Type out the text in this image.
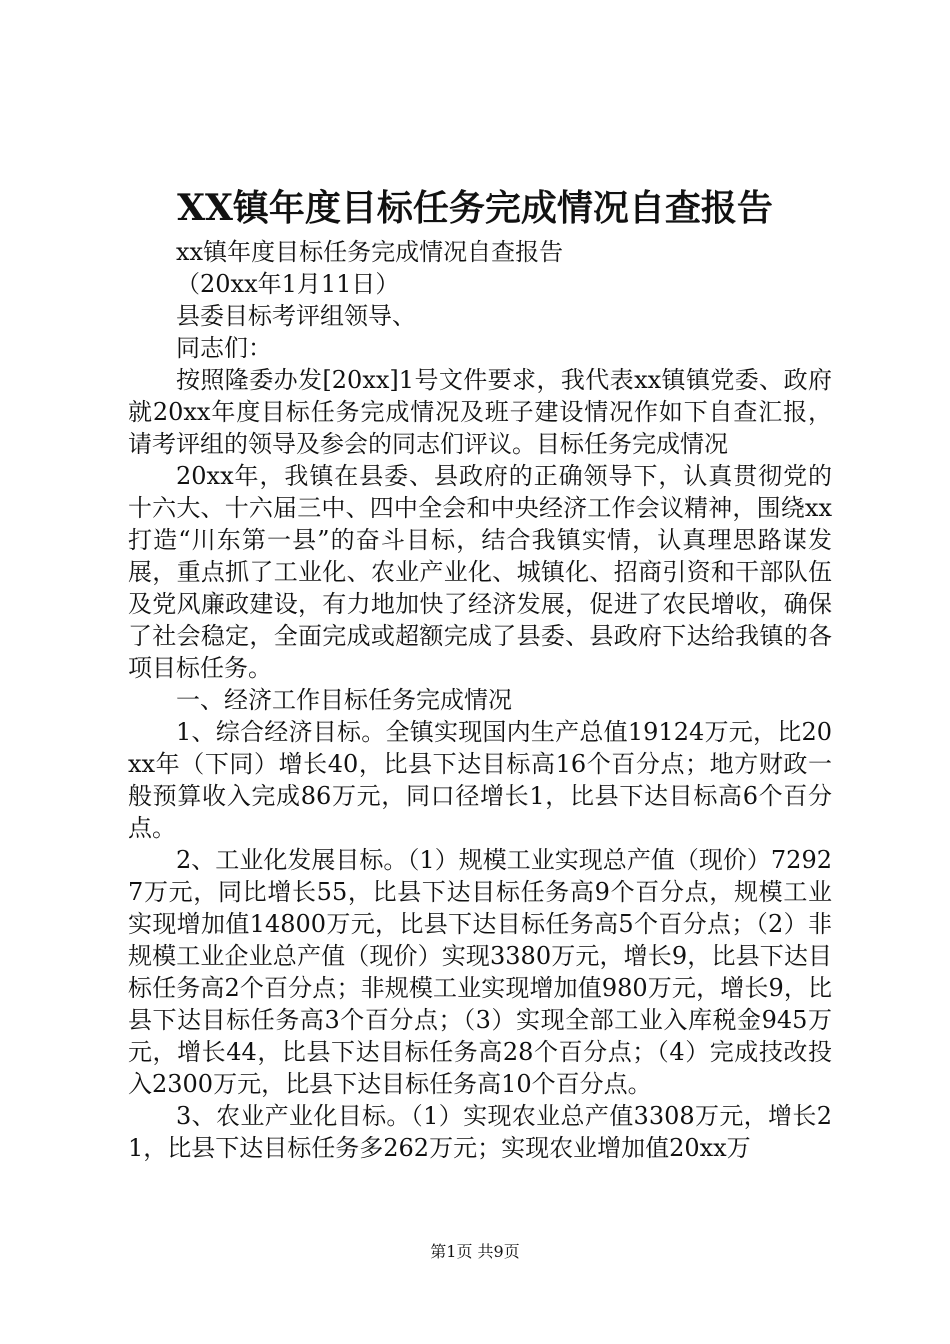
XX镇年度目标任务完成情况自查报告

xx镇年度目标任务完成情况自查报告

（20xx年1月11日）

县委目标考评组领导、

同志们：

按照隆委办发[20xx]1号文件要求，我代表xx镇镇党委、政府就20xx年度目标任务完成情况及班子建设情况作如下自查汇报，请考评组的领导及参会的同志们评议。目标任务完成情况

20xx年，我镇在县委、县政府的正确领导下，认真贯彻党的十六大、十六届三中、四中全会和中央经济工作会议精神，围绕xx打造“川东第一县”的奋斗目标，结合我镇实情，认真理思路谋发展，重点抓了工业化、农业产业化、城镇化、招商引资和干部队伍及党风廉政建设，有力地加快了经济发展，促进了农民增收，确保了社会稳定，全面完成或超额完成了县委、县政府下达给我镇的各项目标任务。

一、经济工作目标任务完成情况

1、综合经济目标。全镇实现国内生产总值19124万元，比20xx年（下同）增长40，比县下达目标高16个百分点；地方财政一般预算收入完成86万元，同口径增长1，比县下达目标高6个百分点。

2、工业化发展目标。（1）规模工业实现总产值（现价）72927万元，同比增长55，比县下达目标任务高9个百分点，规模工业实现增加值14800万元，比县下达目标任务高5个百分点；（2）非规模工业企业总产值（现价）实现3380万元，增长9，比县下达目标任务高2个百分点；非规模工业实现增加值980万元，增长9，比县下达目标任务高3个百分点；（3）实现全部工业入库税金945万元，增长44，比县下达目标任务高28个百分点；（4）完成技改投入2300万元，比县下达目标任务高10个百分点。

3、农业产业化目标。（1）实现农业总产值3308万元，增长21，比县下达目标任务多262万元；实现农业增加值20xx万

第1页 共9页
